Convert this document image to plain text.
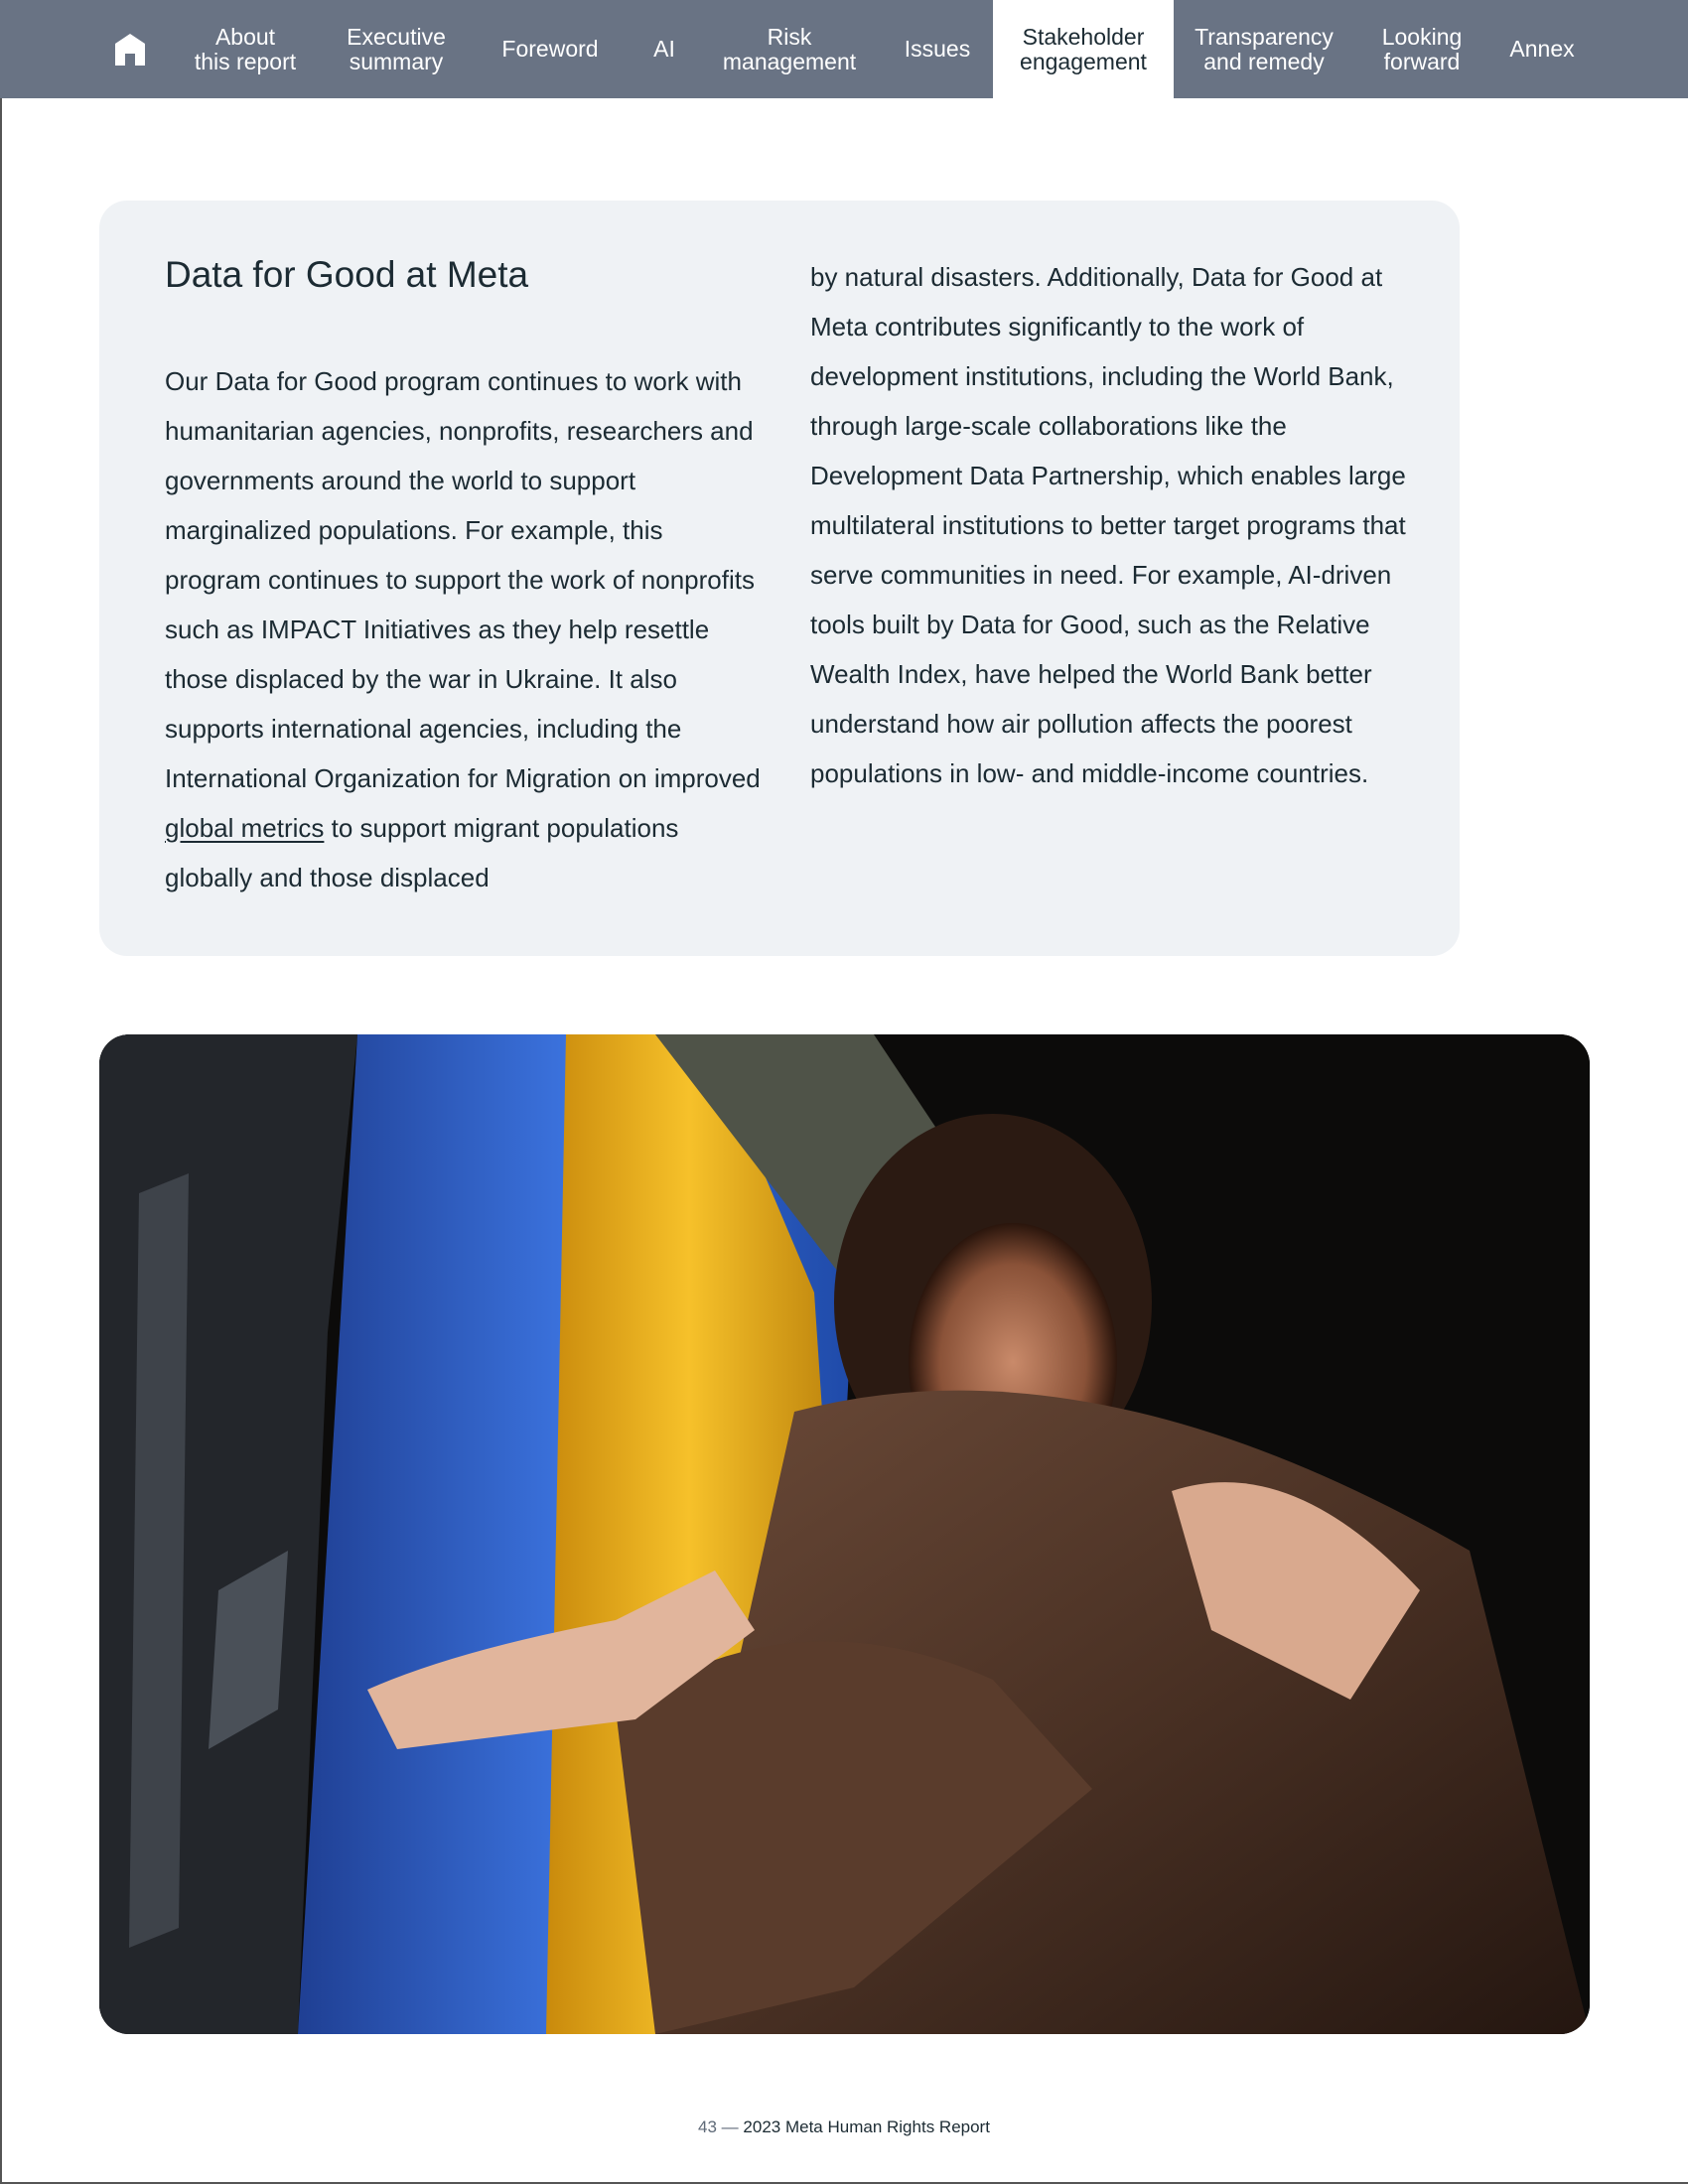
About
this report
Executive
summary	Foreword	AI	Risk
management	Issues	Stakeholder
engagement
Transparency
and remedy
Looking
forward	Annex
Data for Good at Meta

Our Data for Good program continues to work with humanitarian agencies, nonprofits, researchers and governments around the world to support marginalized populations. For example, this program continues to support the work of nonprofits such as IMPACT Initiatives as they help resettle those displaced by the war in Ukraine. It also supports international agencies, including the International Organization for Migration on improved global metrics to support migrant populations globally and those displaced

by natural disasters. Additionally, Data for Good at Meta contributes significantly to the work of development institutions, including the World Bank, through large-scale collaborations like the Development Data Partnership, which enables large multilateral institutions to better target programs that serve communities in need. For example, AI-driven tools built by Data for Good, such as the Relative Wealth Index, have helped the World Bank better understand how air pollution affects the poorest populations in low- and middle-income countries.

43 — 2023 Meta Human Rights Report
